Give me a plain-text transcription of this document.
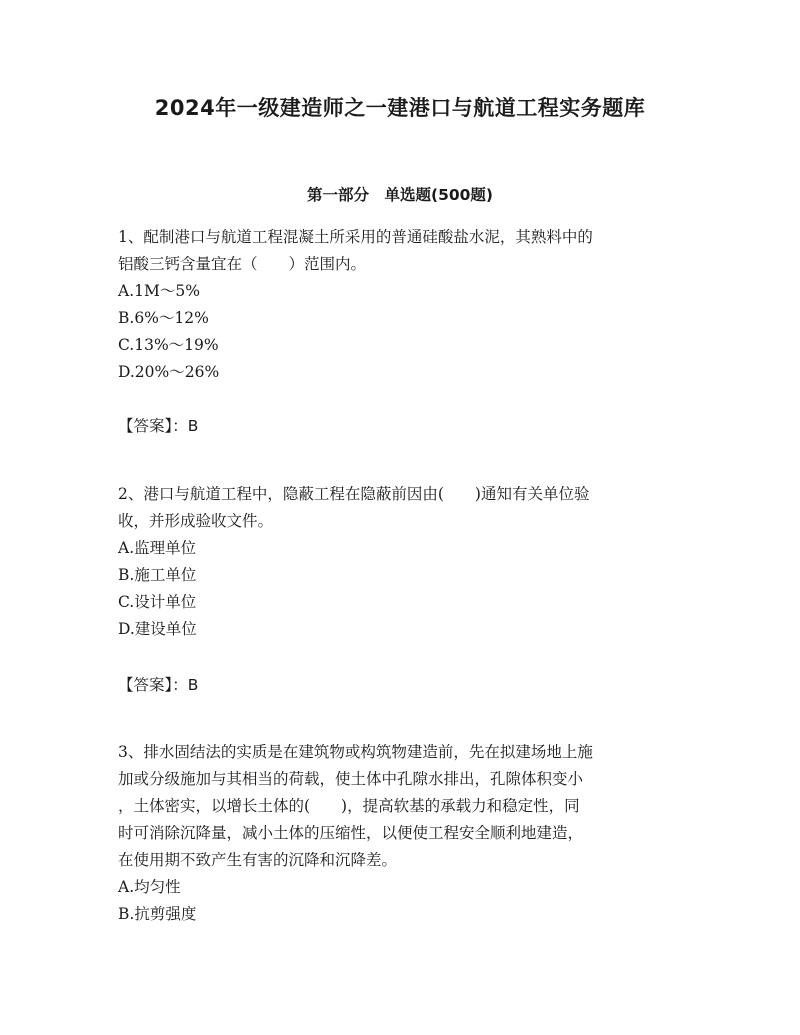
2024年一级建造师之一建港口与航道工程实务题库
第一部分　单选题(500题)

1、配制港口与航道工程混凝土所采用的普通硅酸盐水泥，其熟料中的

铝酸三钙含量宜在（　　）范围内。

A.1M～5%

B.6%～12%

C.13%～19%

D.20%～26%

【答案】：B

2、港口与航道工程中，隐蔽工程在隐蔽前因由(　　)通知有关单位验

收，并形成验收文件。

A.监理单位

B.施工单位

C.设计单位

D.建设单位

【答案】：B

3、排水固结法的实质是在建筑物或构筑物建造前，先在拟建场地上施

加或分级施加与其相当的荷载，使土体中孔隙水排出，孔隙体积变小

，土体密实，以增长土体的(　　)，提高软基的承载力和稳定性，同

时可消除沉降量，减小土体的压缩性，以便使工程安全顺利地建造，

在使用期不致产生有害的沉降和沉降差。

A.均匀性

B.抗剪强度
